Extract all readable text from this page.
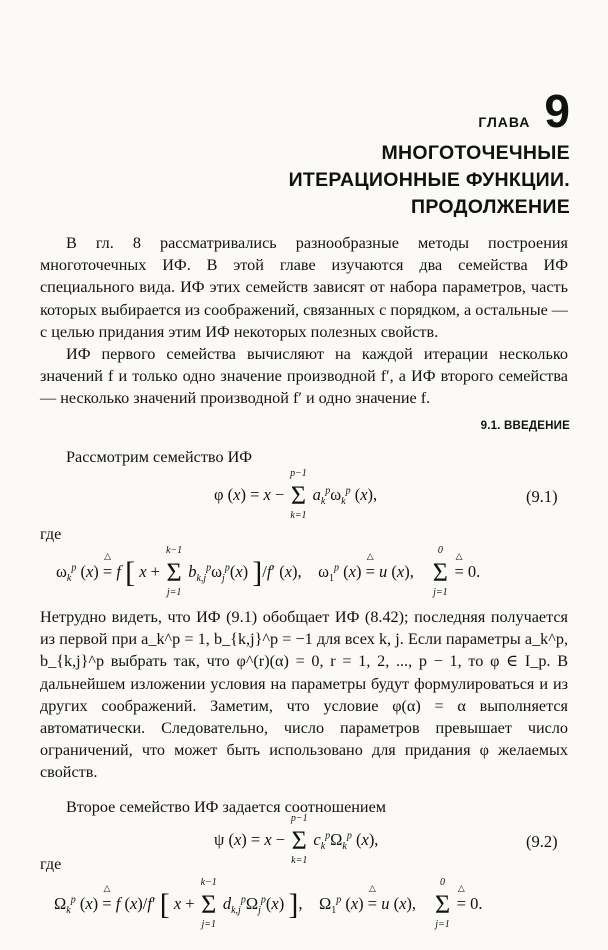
ГЛАВА 9
МНОГОТОЧЕЧНЫЕ
ИТЕРАЦИОННЫЕ ФУНКЦИИ.
ПРОДОЛЖЕНИЕ

В гл. 8 рассматривались разнообразные методы построения многоточечных ИФ. В этой главе изучаются два семейства ИФ специального вида. ИФ этих семейств зависят от набора параметров, часть которых выбирается из соображений, связанных с порядком, а остальные — с целью придания этим ИФ некоторых полезных свойств.

ИФ первого семейства вычисляют на каждой итерации несколько значений f и только одно значение производной f′, а ИФ второго семейства — несколько значений производной f′ и одно значение f.

9.1. ВВЕДЕНИЕ

Рассмотрим семейство ИФ

φ (x) = x −
p−1
Σ
k=1
$a_k^p\omega_k^p$ (x),	(9.1)

где

$\omega_k^p$ (x) △ = f [ x +
k−1
Σ
j=1
$b_{k,j}^p\omega_j^p(x)$ ]/f′ (x),    $\omega_1^p$ (x) △ = u (x),
0
Σ
j=1
△ = 0.

Нетрудно видеть, что ИФ (9.1) обобщает ИФ (8.42); последняя получается из первой при a_k^p = 1, b_{k,j}^p = −1 для всех k, j. Если параметры a_k^p, b_{k,j}^p выбрать так, что φ^(r)(α) = 0, r = 1, 2, ..., p − 1, то φ ∈ I_p. В дальнейшем изложении условия на параметры будут формулироваться и из других соображений. Заметим, что условие φ(α) = α выполняется автоматически. Следовательно, число параметров превышает число ограничений, что может быть использовано для придания φ желаемых свойств.

Второе семейство ИФ задается соотношением

ψ (x) = x −
p−1
Σ
k=1
$c_k^p\Omega_k^p$ (x),	(9.2)

где

$\Omega_k^p$ (x) △ = f (x)/f′ [ x +
k−1
Σ
j=1
$d_{k,j}^p\Omega_j^p(x)$ ],    $\Omega_1^p$ (x) △ = u (x),
0
Σ
j=1
△ = 0.
